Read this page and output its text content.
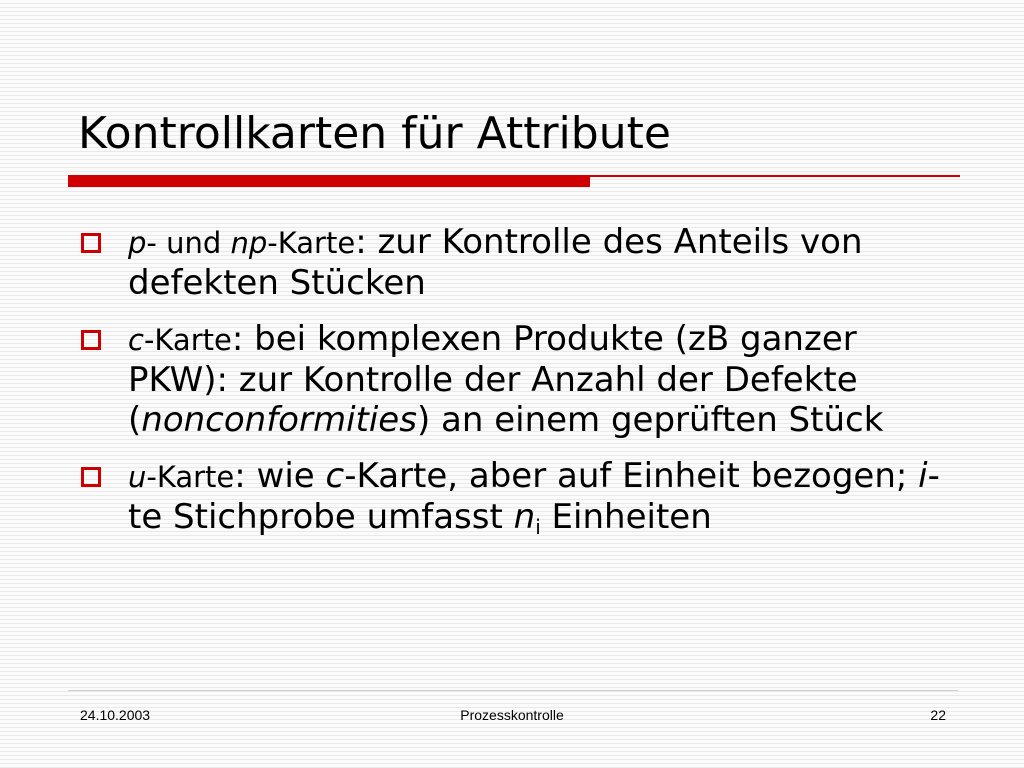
Kontrollkarten für Attribute
p- und np-Karte: zur Kontrolle des Anteils von defekten Stücken
c-Karte: bei komplexen Produkte (zB ganzer PKW): zur Kontrolle der Anzahl der Defekte (nonconformities) an einem geprüften Stück
u-Karte: wie c-Karte, aber auf Einheit bezogen; i-te Stichprobe umfasst $n_i$ Einheiten
24.10.2003	Prozesskontrolle	22
